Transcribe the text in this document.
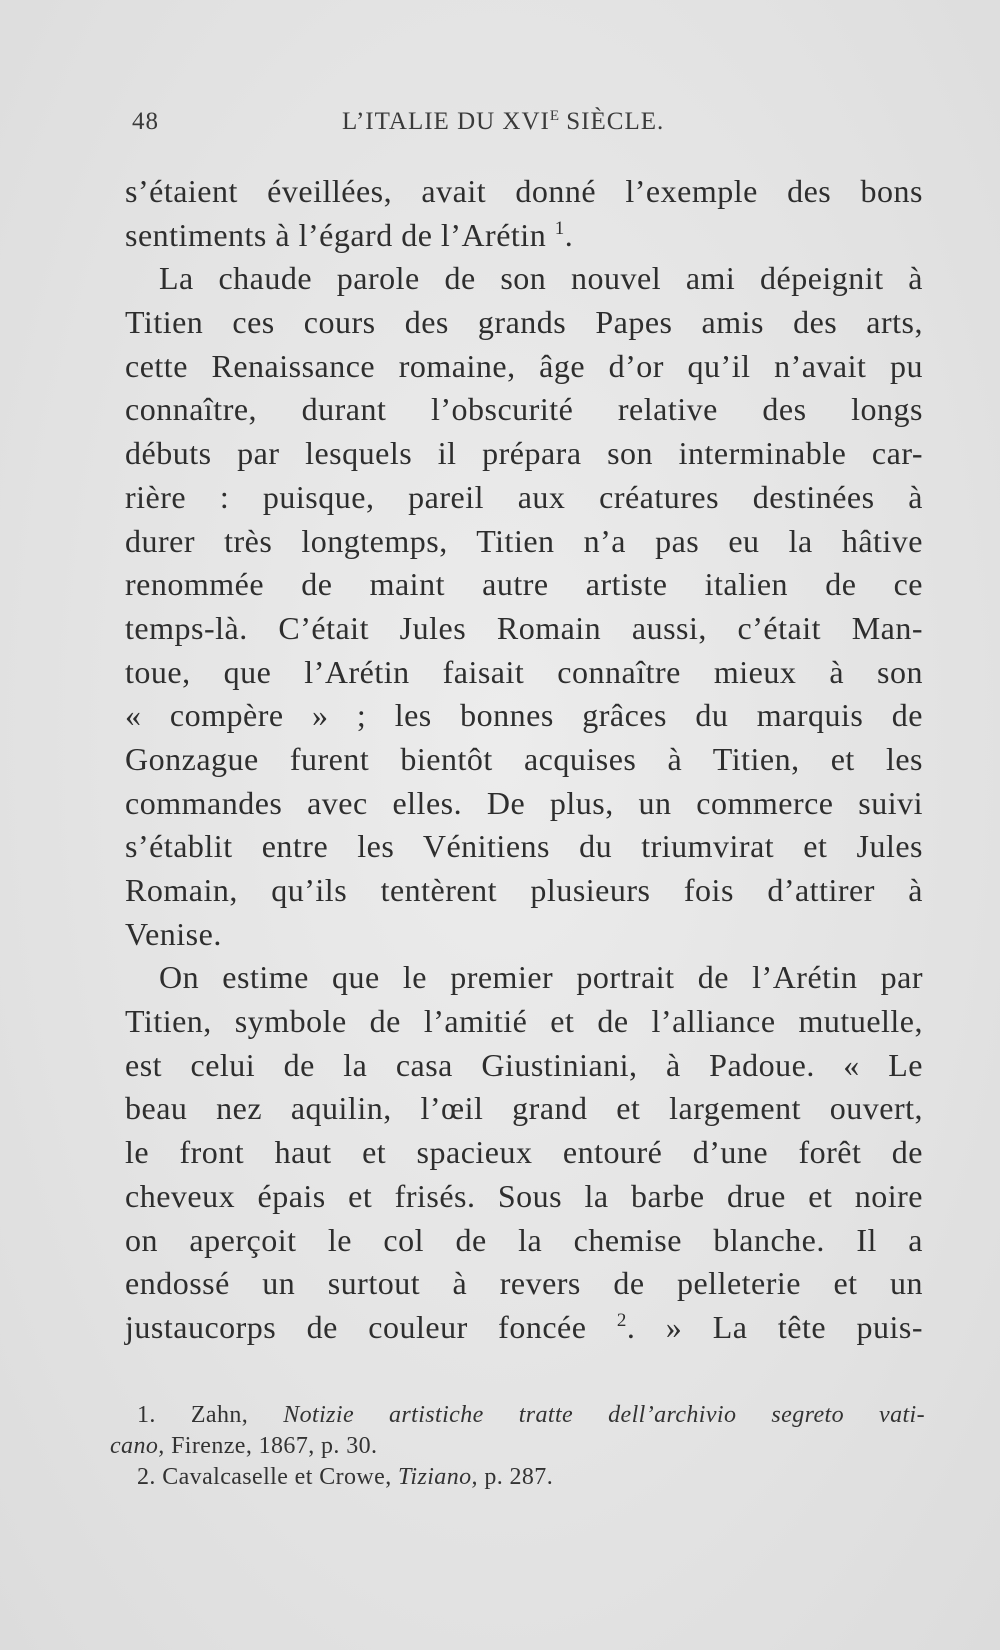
48	L’ITALIE DU $XVI^E$ SIÈCLE.
s’étaient éveillées, avait donné l’exemple des bons
sentiments à l’égard de l’Arétin $^1$.
La chaude parole de son nouvel ami dépeignit à
Titien ces cours des grands Papes amis des arts,
cette Renaissance romaine, âge d’or qu’il n’avait pu
connaître, durant l’obscurité relative des longs
débuts par lesquels il prépara son interminable car-
rière : puisque, pareil aux créatures destinées à
durer très longtemps, Titien n’a pas eu la hâtive
renommée de maint autre artiste italien de ce
temps-là. C’était Jules Romain aussi, c’était Man-
toue, que l’Arétin faisait connaître mieux à son
« compère » ; les bonnes grâces du marquis de
Gonzague furent bientôt acquises à Titien, et les
commandes avec elles. De plus, un commerce suivi
s’établit entre les Vénitiens du triumvirat et Jules
Romain, qu’ils tentèrent plusieurs fois d’attirer à
Venise.
On estime que le premier portrait de l’Arétin par
Titien, symbole de l’amitié et de l’alliance mutuelle,
est celui de la casa Giustiniani, à Padoue. « Le
beau nez aquilin, l’œil grand et largement ouvert,
le front haut et spacieux entouré d’une forêt de
cheveux épais et frisés. Sous la barbe drue et noire
on aperçoit le col de la chemise blanche. Il a
endossé un surtout à revers de pelleterie et un
justaucorps de couleur foncée $^2$. » La tête puis-
1. Zahn, Notizie artistiche tratte dell’archivio segreto vati-
cano, Firenze, 1867, p. 30.
2. Cavalcaselle et Crowe, Tiziano, p. 287.
